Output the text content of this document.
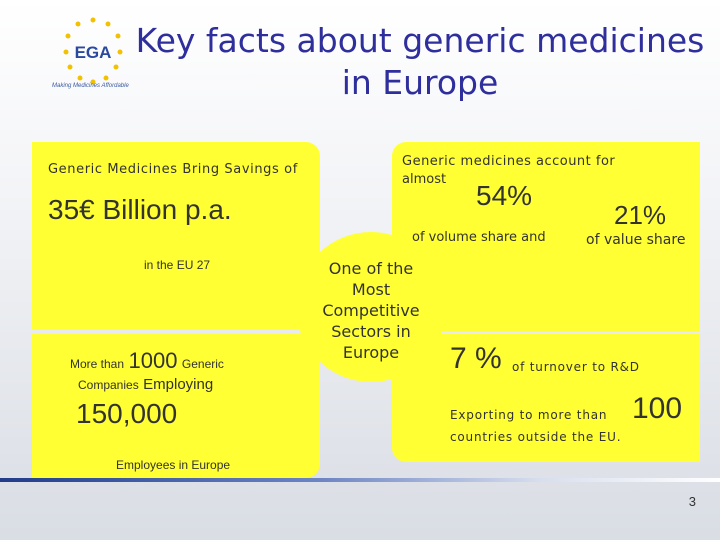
EGA
Making Medicines Affordable
Key facts about generic medicines
in Europe
Generic Medicines Bring Savings of
35€ Billion p.a.
in the EU 27
Generic medicines account for
almost
54%
of volume share and
21%
of value share
One of the
Most
Competitive
Sectors in
Europe
More than 1000 Generic
Companies Employing
150,000
Employees in Europe
7 % of turnover to R&D
Exporting to more than 100
countries outside the EU.
3
